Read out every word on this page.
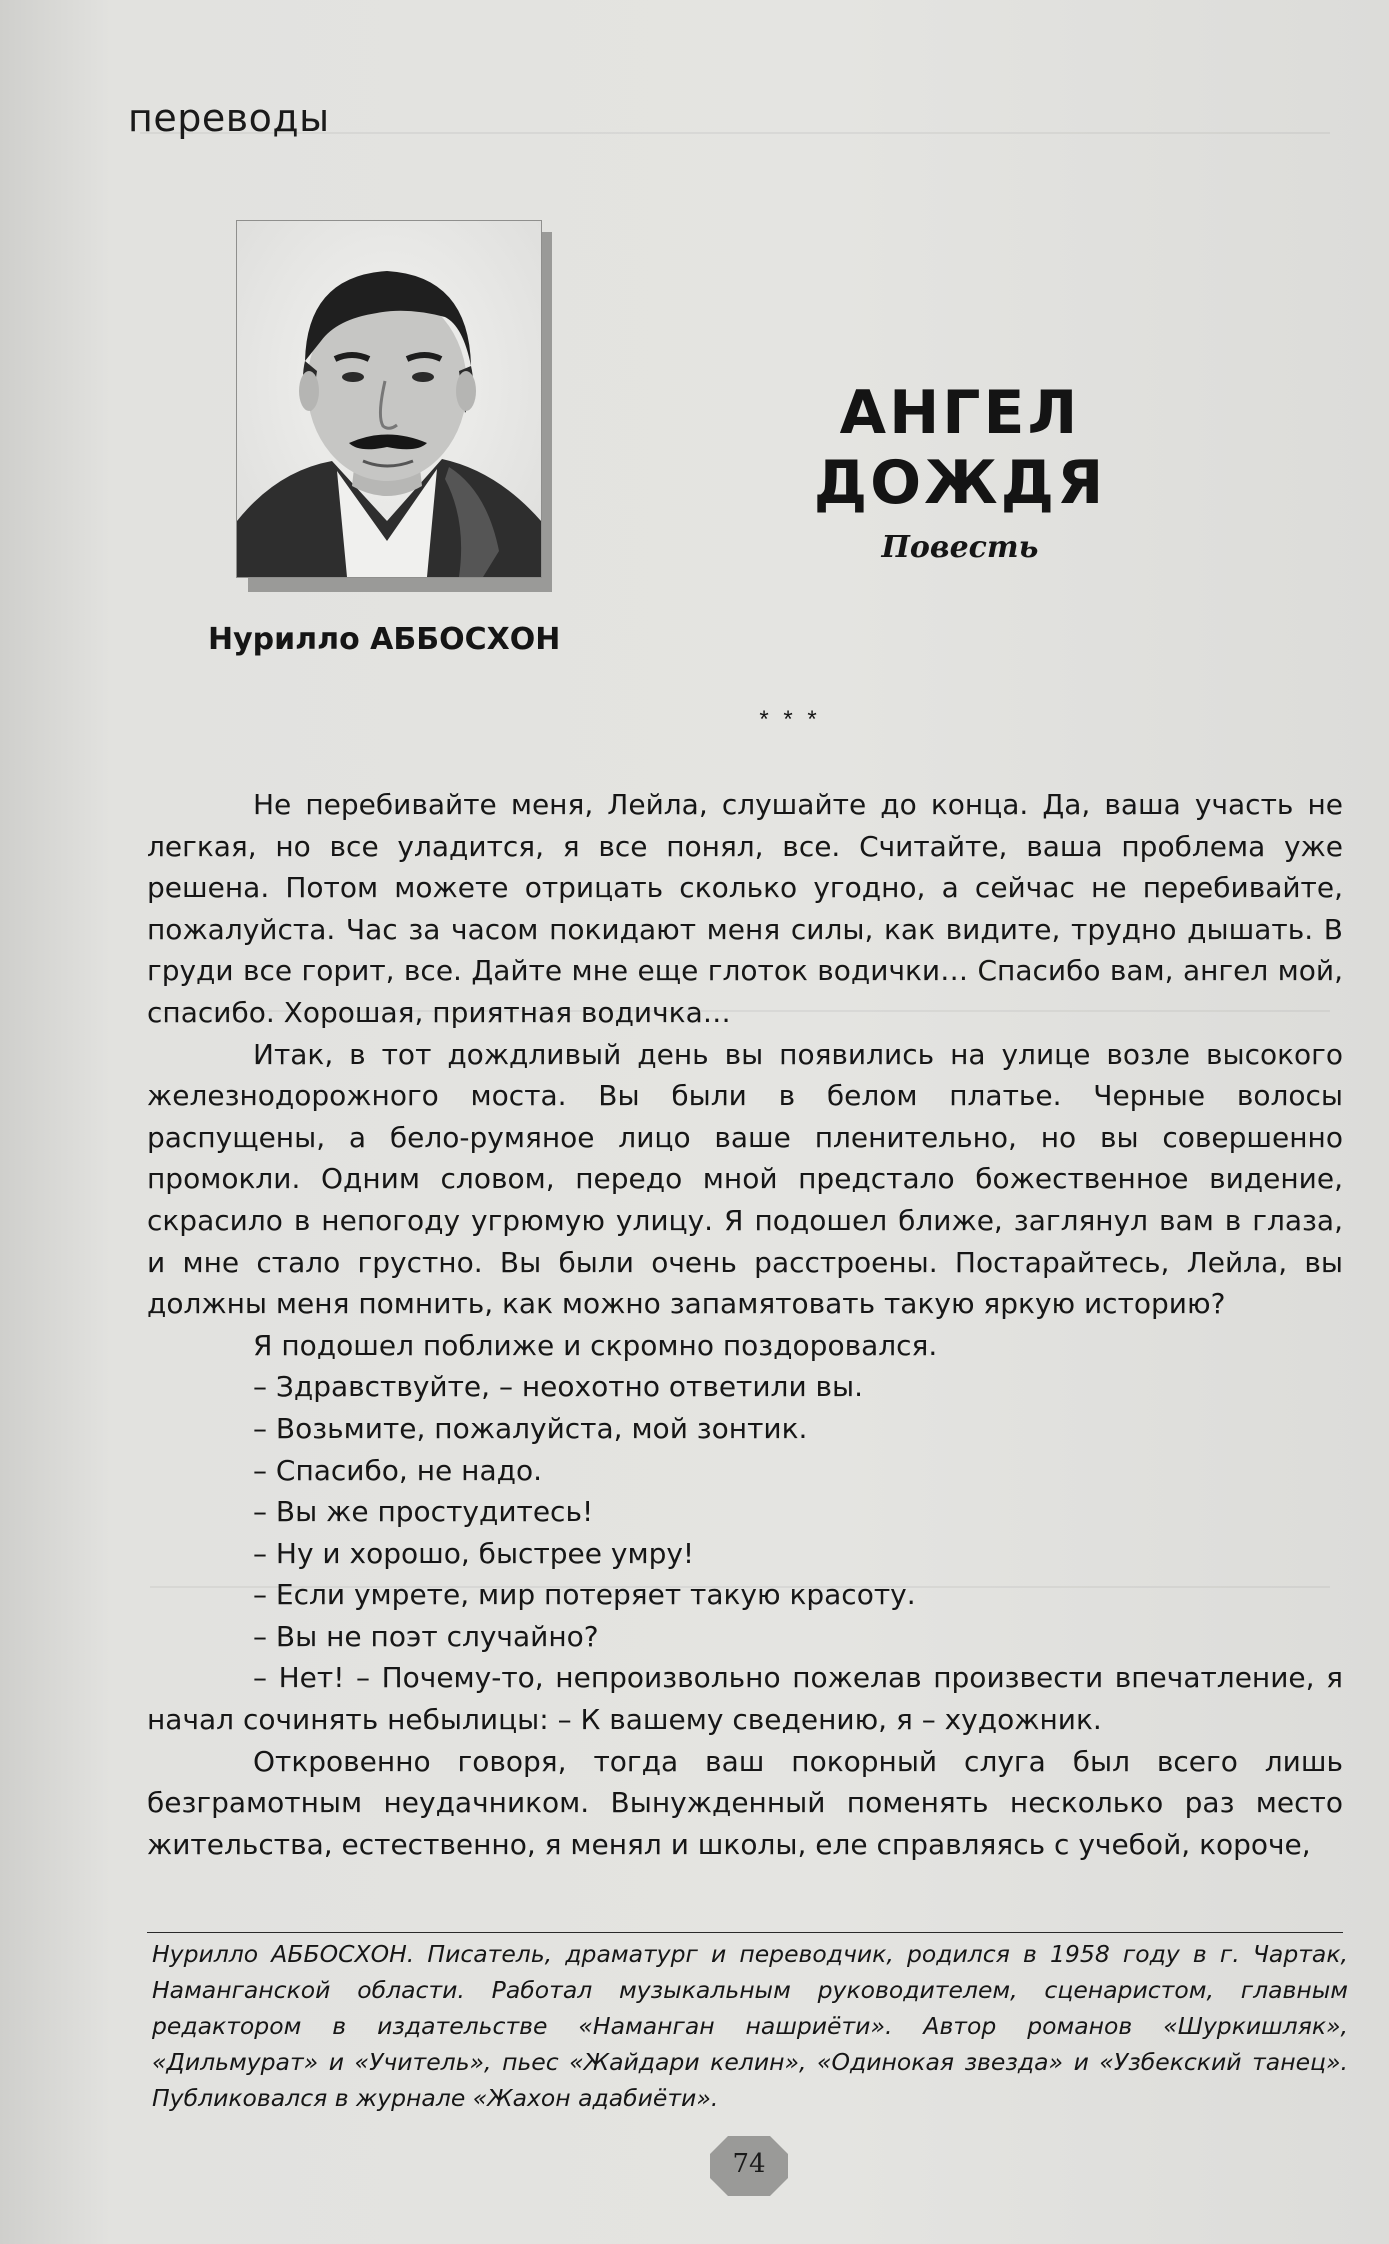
переводы
Нурилло АББОСХОН
АНГЕЛ ДОЖДЯ
Повесть
* * *

Не перебивайте меня, Лейла, слушайте до конца. Да, ваша участь не легкая, но все уладится, я все понял, все. Считайте, ваша проблема уже решена. Потом можете отрицать сколько угодно, а сейчас не перебивайте, пожалуйста. Час за часом покидают меня силы, как видите, трудно дышать. В груди все горит, все. Дайте мне еще глоток водички… Спасибо вам, ангел мой, спасибо. Хорошая, приятная водичка…

Итак, в тот дождливый день вы появились на улице возле высокого железнодорожного моста. Вы были в белом платье. Черные волосы распущены, а бело-румяное лицо ваше пленительно, но вы совершенно промокли. Одним словом, передо мной предстало божественное видение, скрасило в непогоду угрюмую улицу. Я подошел ближе, заглянул вам в глаза, и мне стало грустно. Вы были очень расстроены. Постарайтесь, Лейла, вы должны меня помнить, как можно запамятовать такую яркую историю?

Я подошел поближе и скромно поздоровался.

– Здравствуйте, – неохотно ответили вы.

– Возьмите, пожалуйста, мой зонтик.

– Спасибо, не надо.

– Вы же простудитесь!

– Ну и хорошо, быстрее умру!

– Если умрете, мир потеряет такую красоту.

– Вы не поэт случайно?

– Нет! – Почему-то, непроизвольно пожелав произвести впечатление, я начал сочинять небылицы: – К вашему сведению, я – художник.

Откровенно говоря, тогда ваш покорный слуга был всего лишь безграмотным неудачником. Вынужденный поменять несколько раз место жительства, естественно, я менял и школы, еле справляясь с учебой, короче,

Нурилло АББОСХОН. Писатель, драматург и переводчик, родился в 1958 году в г. Чартак, Наманганской области. Работал музыкальным руководителем, сценаристом, главным редактором в издательстве «Наманган нашриёти». Автор романов «Шуркишляк», «Дильмурат» и «Учитель», пьес «Жайдари келин», «Одинокая звезда» и «Узбекский танец». Публиковался в журнале «Жахон адабиёти».
74
